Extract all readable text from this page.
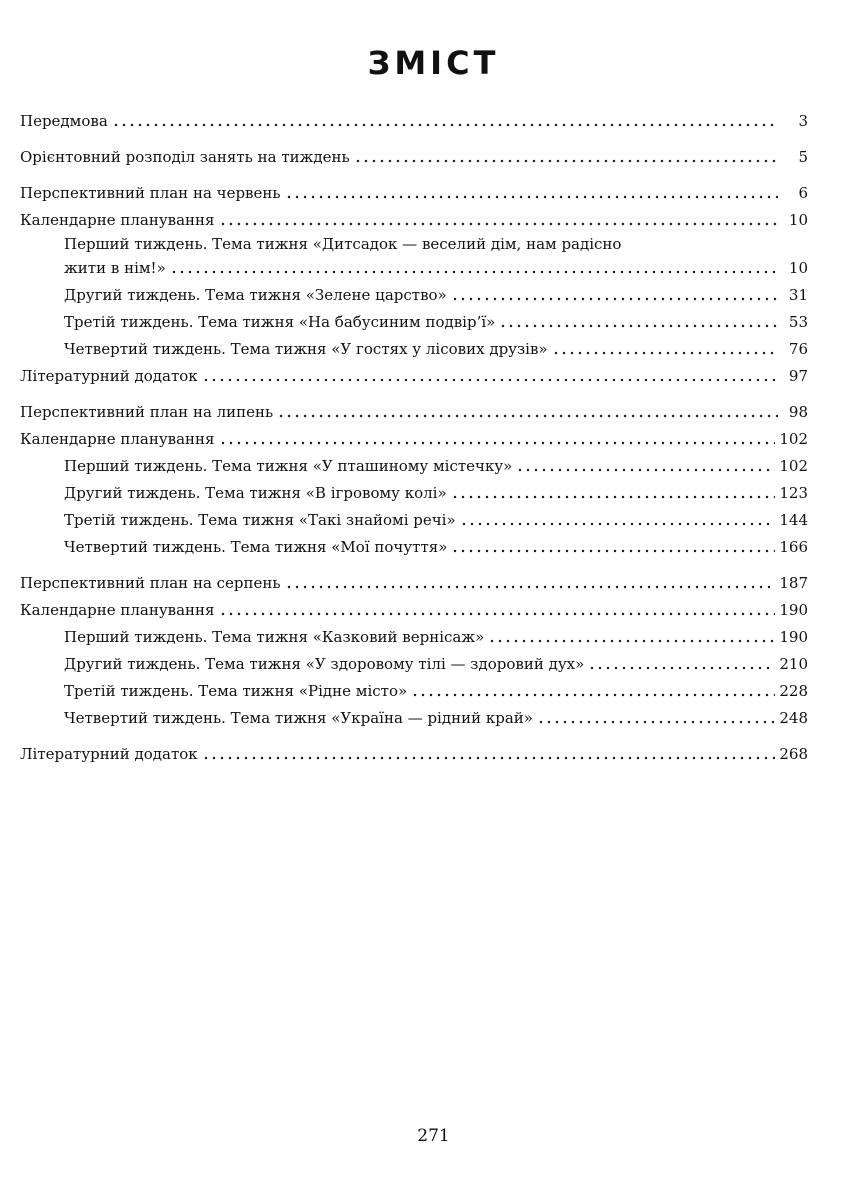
ЗМІСТ
Передмова	3
Орієнтовний розподіл занять на тиждень	5
Перспективний план на червень	6
Календарне планування	10
Перший тиждень. Тема тижня «Дитсадок — веселий дім, нам радісно
жити в нім!»	10
Другий тиждень. Тема тижня «Зелене царство»	31
Третій тиждень. Тема тижня «На бабусиним подвір’ї»	53
Четвертий тиждень. Тема тижня «У гостях у лісових друзів»	76
Літературний додаток	97
Перспективний план на липень	98
Календарне планування	102
Перший тиждень. Тема тижня «У пташиному містечку»	102
Другий тиждень. Тема тижня «В ігровому колі»	123
Третій тиждень. Тема тижня «Такі знайомі речі»	144
Четвертий тиждень. Тема тижня «Мої почуття»	166
Перспективний план на серпень	187
Календарне планування	190
Перший тиждень. Тема тижня «Казковий вернісаж»	190
Другий тиждень. Тема тижня «У здоровому тілі — здоровий дух»	210
Третій тиждень. Тема тижня «Рідне місто»	228
Четвертий тиждень. Тема тижня «Україна — рідний край»	248
Літературний додаток	268
271
